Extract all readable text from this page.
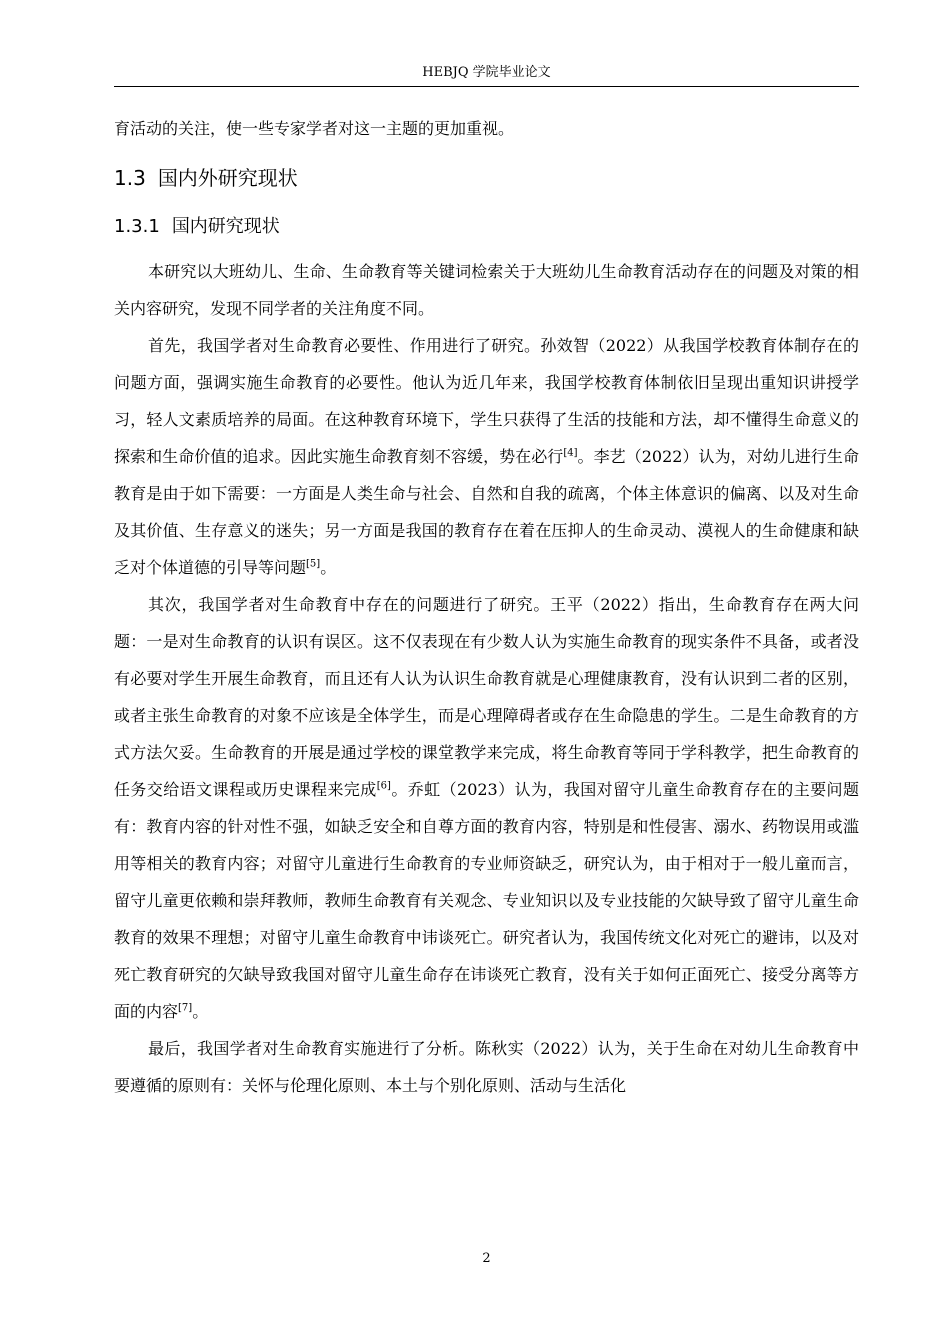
HEBJQ 学院毕业论文

育活动的关注，使一些专家学者对这一主题的更加重视。

1.3 国内外研究现状
1.3.1 国内研究现状

本研究以大班幼儿、生命、生命教育等关键词检索关于大班幼儿生命教育活动存在的问题及对策的相关内容研究，发现不同学者的关注角度不同。

首先，我国学者对生命教育必要性、作用进行了研究。孙效智（2022）从我国学校教育体制存在的问题方面，强调实施生命教育的必要性。他认为近几年来，我国学校教育体制依旧呈现出重知识讲授学习，轻人文素质培养的局面。在这种教育环境下，学生只获得了生活的技能和方法，却不懂得生命意义的探索和生命价值的追求。因此实施生命教育刻不容缓，势在必行[4]。李艺（2022）认为，对幼儿进行生命教育是由于如下需要：一方面是人类生命与社会、自然和自我的疏离，个体主体意识的偏离、以及对生命及其价值、生存意义的迷失；另一方面是我国的教育存在着在压抑人的生命灵动、漠视人的生命健康和缺乏对个体道德的引导等问题[5]。

其次，我国学者对生命教育中存在的问题进行了研究。王平（2022）指出，生命教育存在两大问题：一是对生命教育的认识有误区。这不仅表现在有少数人认为实施生命教育的现实条件不具备，或者没有必要对学生开展生命教育，而且还有人认为认识生命教育就是心理健康教育，没有认识到二者的区别，或者主张生命教育的对象不应该是全体学生，而是心理障碍者或存在生命隐患的学生。二是生命教育的方式方法欠妥。生命教育的开展是通过学校的课堂教学来完成，将生命教育等同于学科教学，把生命教育的任务交给语文课程或历史课程来完成[6]。乔虹（2023）认为，我国对留守儿童生命教育存在的主要问题有：教育内容的针对性不强，如缺乏安全和自尊方面的教育内容，特别是和性侵害、溺水、药物误用或滥用等相关的教育内容；对留守儿童进行生命教育的专业师资缺乏，研究认为，由于相对于一般儿童而言，留守儿童更依赖和崇拜教师，教师生命教育有关观念、专业知识以及专业技能的欠缺导致了留守儿童生命教育的效果不理想；对留守儿童生命教育中讳谈死亡。研究者认为，我国传统文化对死亡的避讳，以及对死亡教育研究的欠缺导致我国对留守儿童生命存在讳谈死亡教育，没有关于如何正面死亡、接受分离等方面的内容[7]。

最后，我国学者对生命教育实施进行了分析。陈秋实（2022）认为，关于生命在对幼儿生命教育中要遵循的原则有：关怀与伦理化原则、本土与个别化原则、活动与生活化

2
